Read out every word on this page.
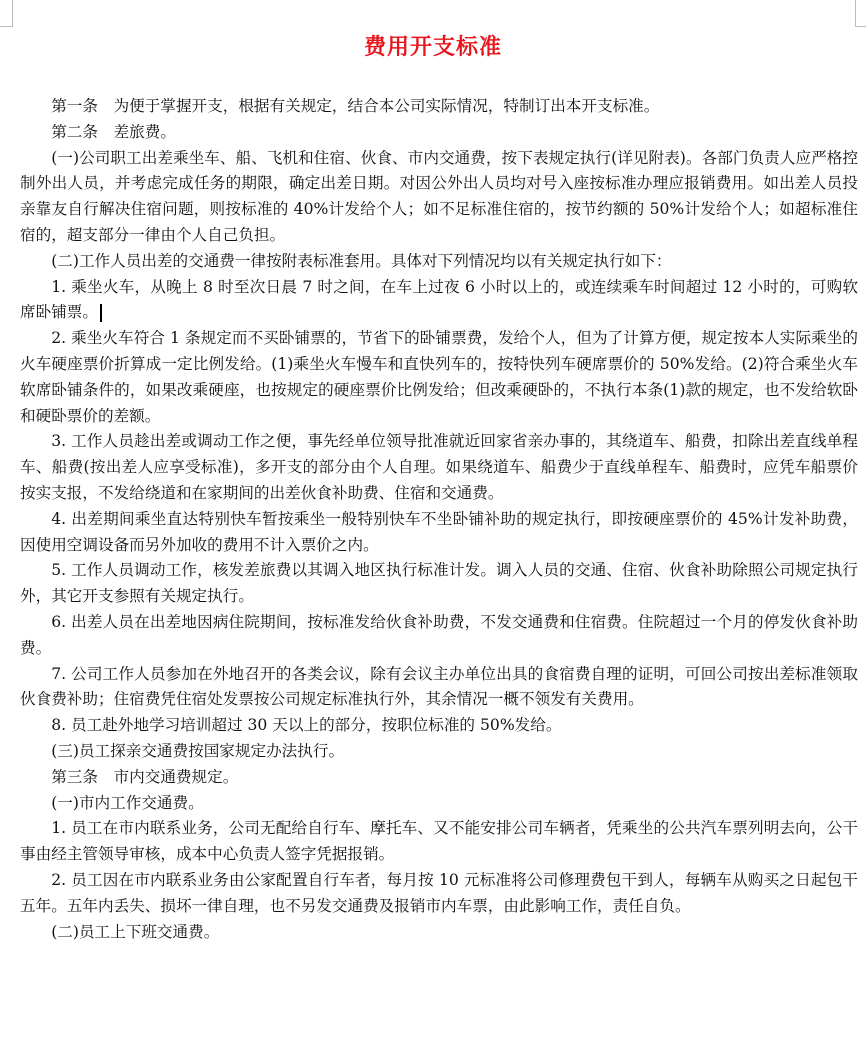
费用开支标准

第一条　为便于掌握开支，根据有关规定，结合本公司实际情况，特制订出本开支标准。

第二条　差旅费。

(一)公司职工出差乘坐车、船、飞机和住宿、伙食、市内交通费，按下表规定执行(详见附表)。各部门负责人应严格控制外出人员，并考虑完成任务的期限，确定出差日期。对因公外出人员均对号入座按标准办理应报销费用。如出差人员投亲靠友自行解决住宿问题，则按标准的 40%计发给个人；如不足标准住宿的，按节约额的 50%计发给个人；如超标准住宿的，超支部分一律由个人自己负担。

(二)工作人员出差的交通费一律按附表标准套用。具体对下列情况均以有关规定执行如下：

1. 乘坐火车，从晚上 8 时至次日晨 7 时之间，在车上过夜 6 小时以上的，或连续乘车时间超过 12 小时的，可购软席卧铺票。

2. 乘坐火车符合 1 条规定而不买卧铺票的，节省下的卧铺票费，发给个人，但为了计算方便，规定按本人实际乘坐的火车硬座票价折算成一定比例发给。(1)乘坐火车慢车和直快列车的，按特快列车硬席票价的 50%发给。(2)符合乘坐火车软席卧铺条件的，如果改乘硬座，也按规定的硬座票价比例发给；但改乘硬卧的，不执行本条(1)款的规定，也不发给软卧和硬卧票价的差额。

3. 工作人员趁出差或调动工作之便，事先经单位领导批准就近回家省亲办事的，其绕道车、船费，扣除出差直线单程车、船费(按出差人应享受标准)，多开支的部分由个人自理。如果绕道车、船费少于直线单程车、船费时，应凭车船票价按实支报，不发给绕道和在家期间的出差伙食补助费、住宿和交通费。

4. 出差期间乘坐直达特别快车暂按乘坐一般特别快车不坐卧铺补助的规定执行，即按硬座票价的 45%计发补助费，因使用空调设备而另外加收的费用不计入票价之内。

5. 工作人员调动工作，核发差旅费以其调入地区执行标准计发。调入人员的交通、住宿、伙食补助除照公司规定执行外，其它开支参照有关规定执行。

6. 出差人员在出差地因病住院期间，按标准发给伙食补助费，不发交通费和住宿费。住院超过一个月的停发伙食补助费。

7. 公司工作人员参加在外地召开的各类会议，除有会议主办单位出具的食宿费自理的证明，可回公司按出差标准领取伙食费补助；住宿费凭住宿处发票按公司规定标准执行外，其余情况一概不领发有关费用。

8. 员工赴外地学习培训超过 30 天以上的部分，按职位标准的 50%发给。

(三)员工探亲交通费按国家规定办法执行。

第三条　市内交通费规定。

(一)市内工作交通费。

1. 员工在市内联系业务，公司无配给自行车、摩托车、又不能安排公司车辆者，凭乘坐的公共汽车票列明去向，公干事由经主管领导审核，成本中心负责人签字凭据报销。

2. 员工因在市内联系业务由公家配置自行车者，每月按 10 元标准将公司修理费包干到人，每辆车从购买之日起包干五年。五年内丢失、损坏一律自理，也不另发交通费及报销市内车票，由此影响工作，责任自负。

(二)员工上下班交通费。
